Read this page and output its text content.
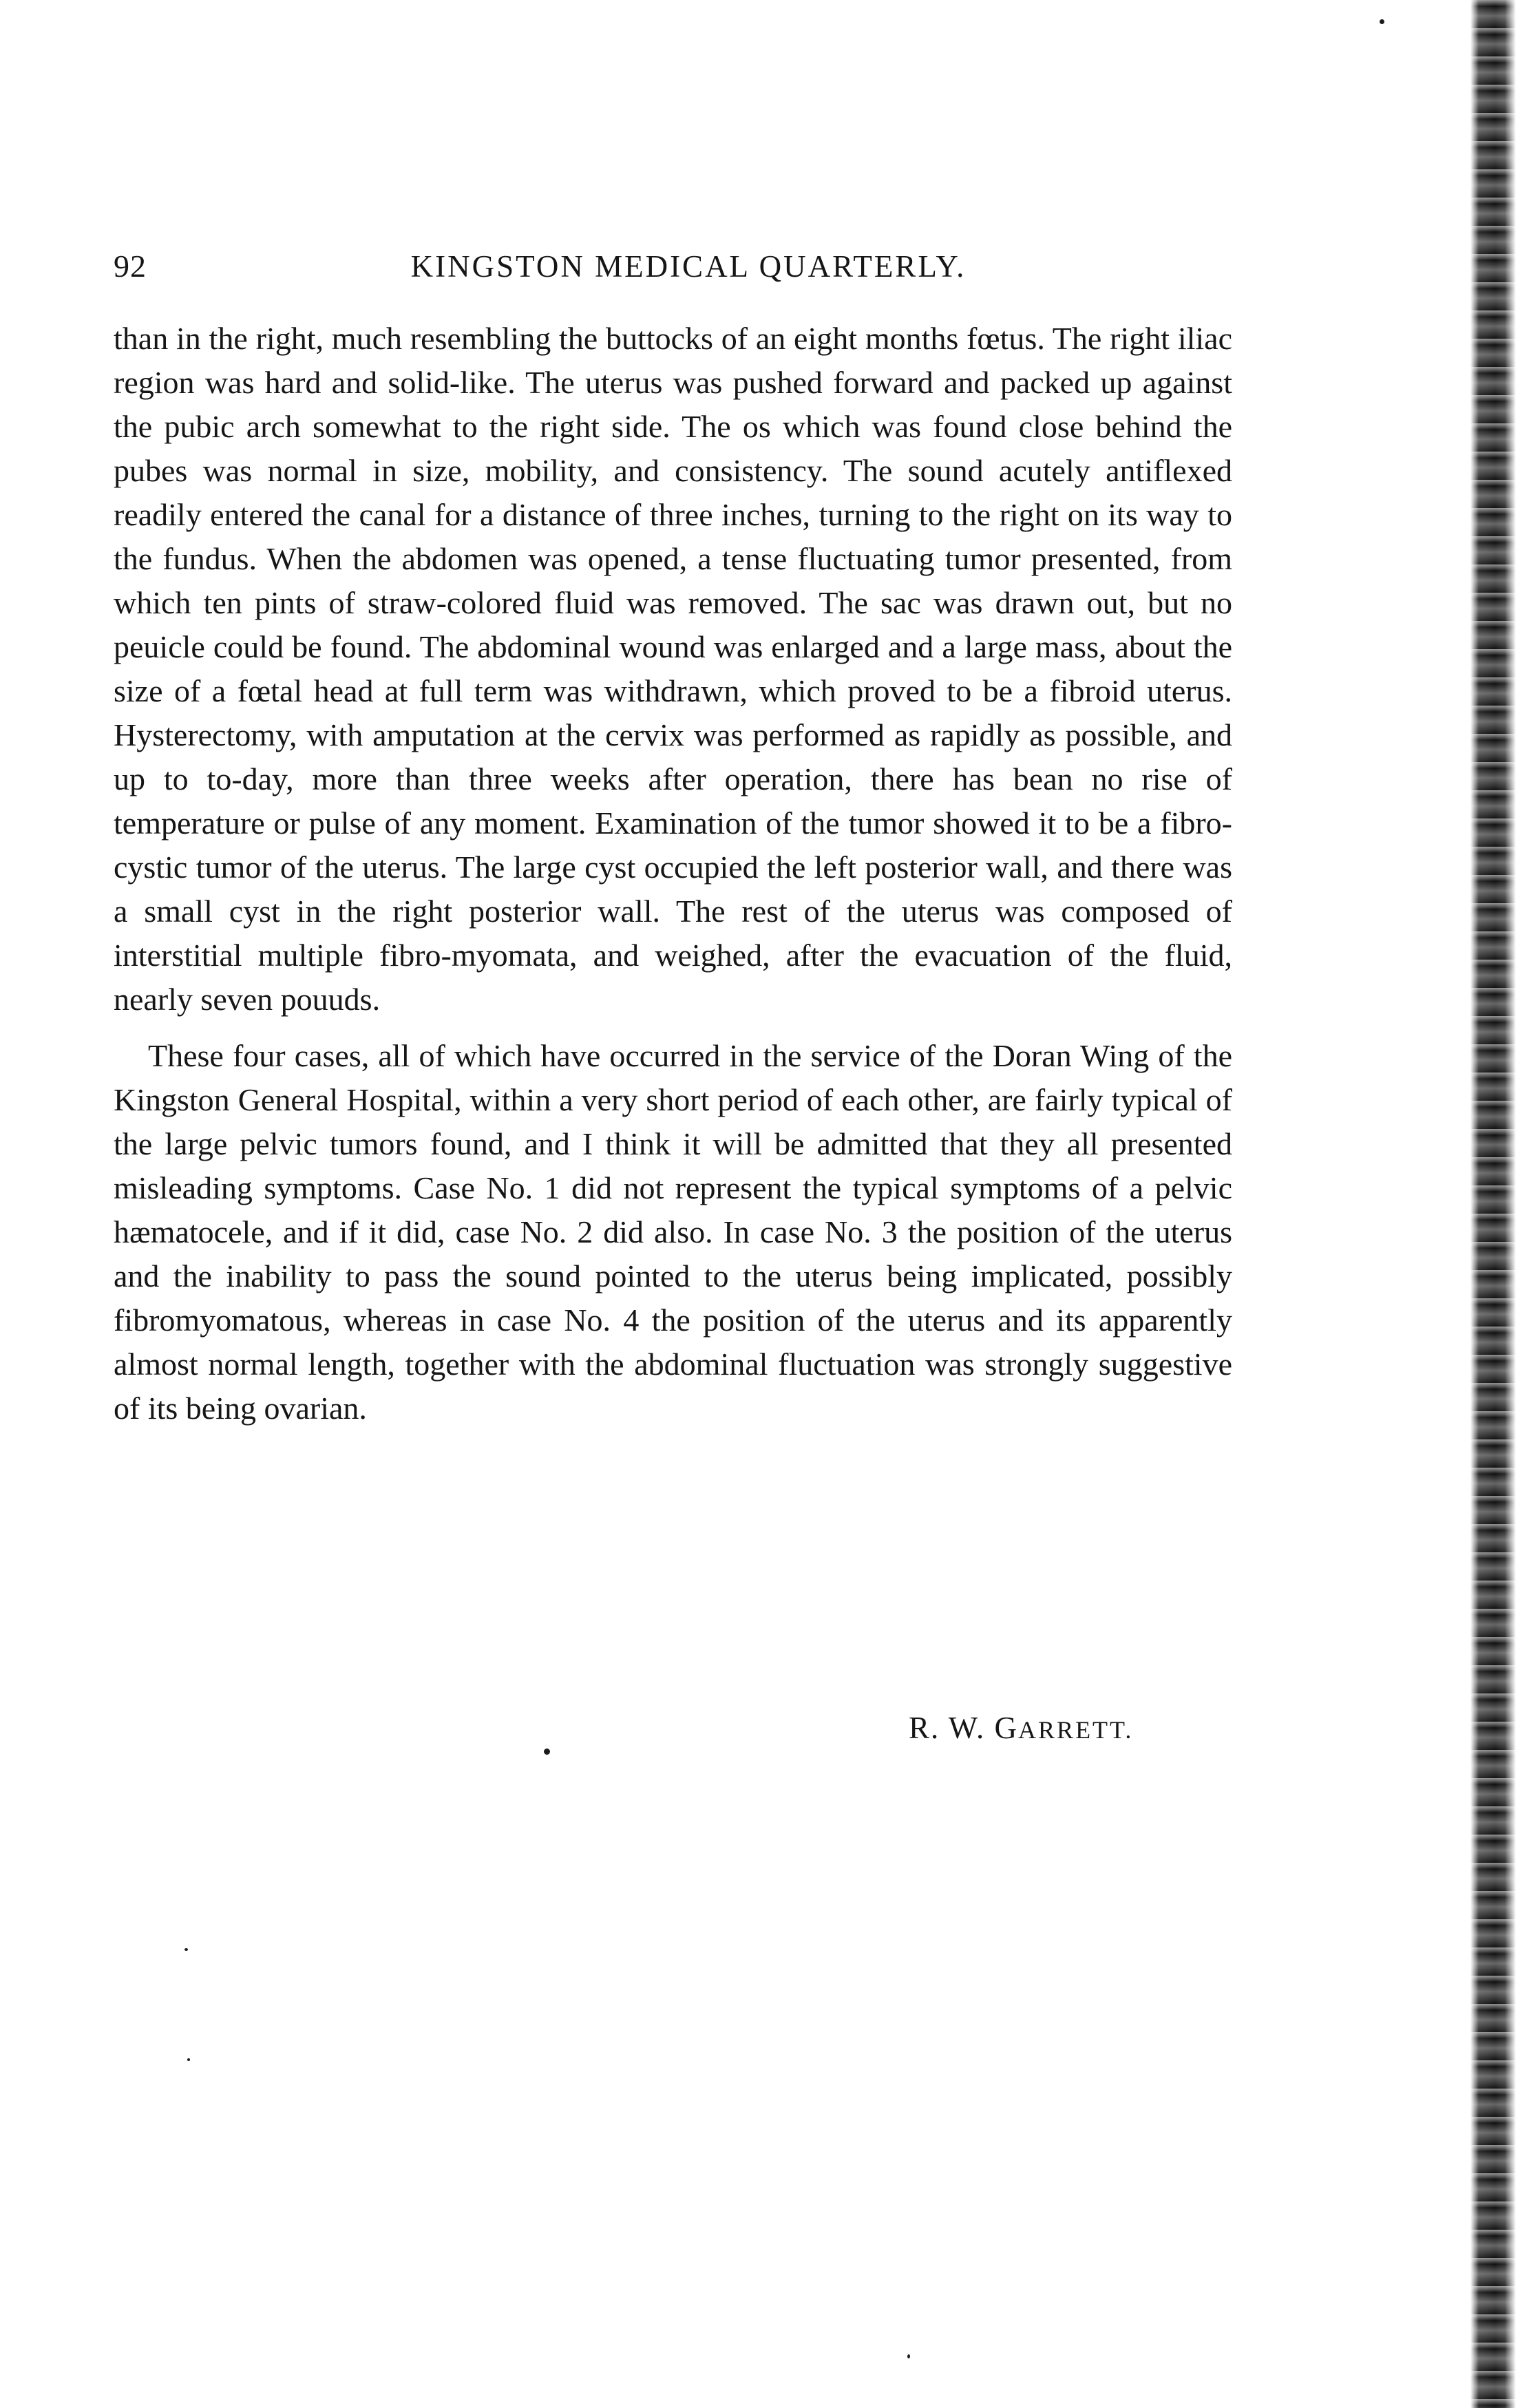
92	KINGSTON MEDICAL QUARTERLY.

than in the right, much resembling the buttocks of an eight months fœtus. The right iliac region was hard and solid-like. The uterus was pushed forward and packed up against the pubic arch somewhat to the right side. The os which was found close behind the pubes was normal in size, mobility, and consistency. The sound acutely antiflexed readily entered the canal for a distance of three inches, turning to the right on its way to the fundus. When the abdomen was opened, a tense fluctuating tumor presented, from which ten pints of straw-colored fluid was removed. The sac was drawn out, but no peuicle could be found. The abdominal wound was enlarged and a large mass, about the size of a fœtal head at full term was withdrawn, which proved to be a fibroid uterus. Hysterectomy, with amputation at the cervix was performed as rapidly as possible, and up to to-day, more than three weeks after operation, there has bean no rise of temperature or pulse of any moment. Examination of the tumor showed it to be a fibro-cystic tumor of the uterus. The large cyst occupied the left posterior wall, and there was a small cyst in the right posterior wall. The rest of the uterus was composed of interstitial multiple fibro-myomata, and weighed, after the evacuation of the fluid, nearly seven pouuds.

These four cases, all of which have occurred in the service of the Doran Wing of the Kingston General Hospital, within a very short period of each other, are fairly typical of the large pelvic tumors found, and I think it will be admitted that they all presented misleading symptoms. Case No. 1 did not represent the typical symptoms of a pelvic hæmatocele, and if it did, case No. 2 did also. In case No. 3 the position of the uterus and the inability to pass the sound pointed to the uterus being implicated, possibly fibromyomatous, whereas in case No. 4 the position of the uterus and its apparently almost normal length, together with the abdominal fluctuation was strongly suggestive of its being ovarian.

R. W. GARRETT.
